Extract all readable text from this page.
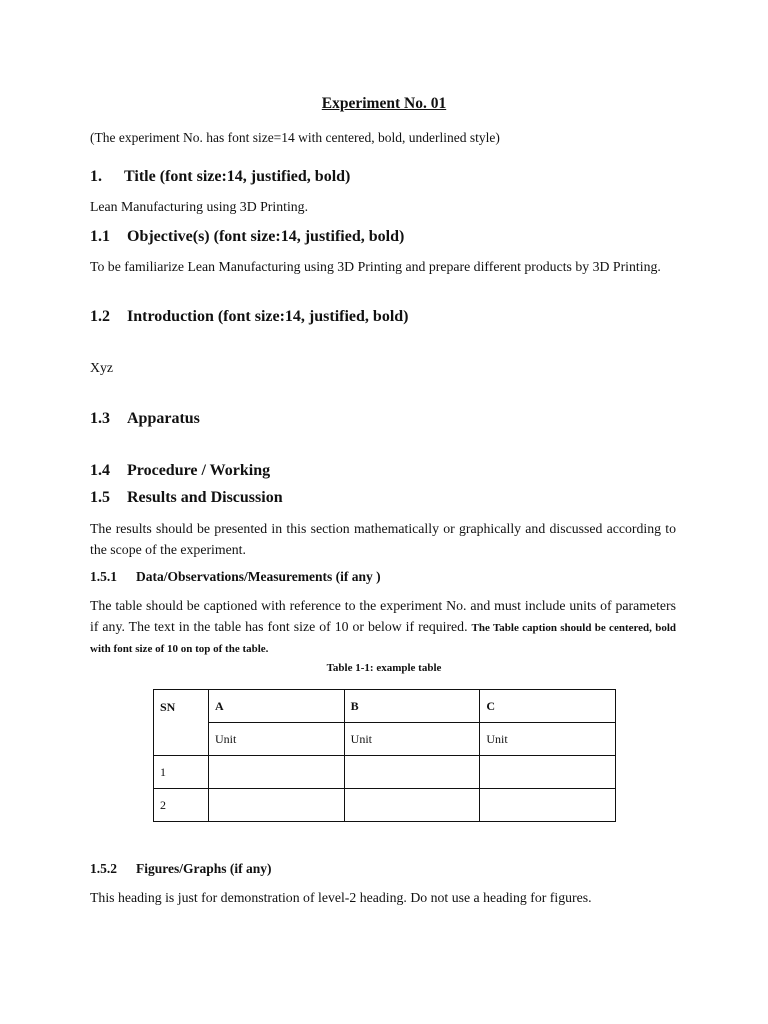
Experiment No. 01
(The experiment No. has font size=14 with centered, bold, underlined style)
1. Title (font size:14, justified, bold)
Lean Manufacturing using 3D Printing.
1.1 Objective(s) (font size:14, justified, bold)
To be familiarize Lean Manufacturing using 3D Printing and prepare different products by 3D Printing.
1.2 Introduction (font size:14, justified, bold)
Xyz
1.3 Apparatus
1.4 Procedure / Working
1.5 Results and Discussion
The results should be presented in this section mathematically or graphically and discussed according to the scope of the experiment.
1.5.1 Data/Observations/Measurements (if any )
The table should be captioned with reference to the experiment No. and must include units of parameters if any. The text in the table has font size of 10 or below if required. The Table caption should be centered, bold with font size of 10 on top of the table.
Table 1-1: example table
SN	A	B	C
	Unit	Unit	Unit
1			
2			
1.5.2 Figures/Graphs (if any)
This heading is just for demonstration of level-2 heading. Do not use a heading for figures.
